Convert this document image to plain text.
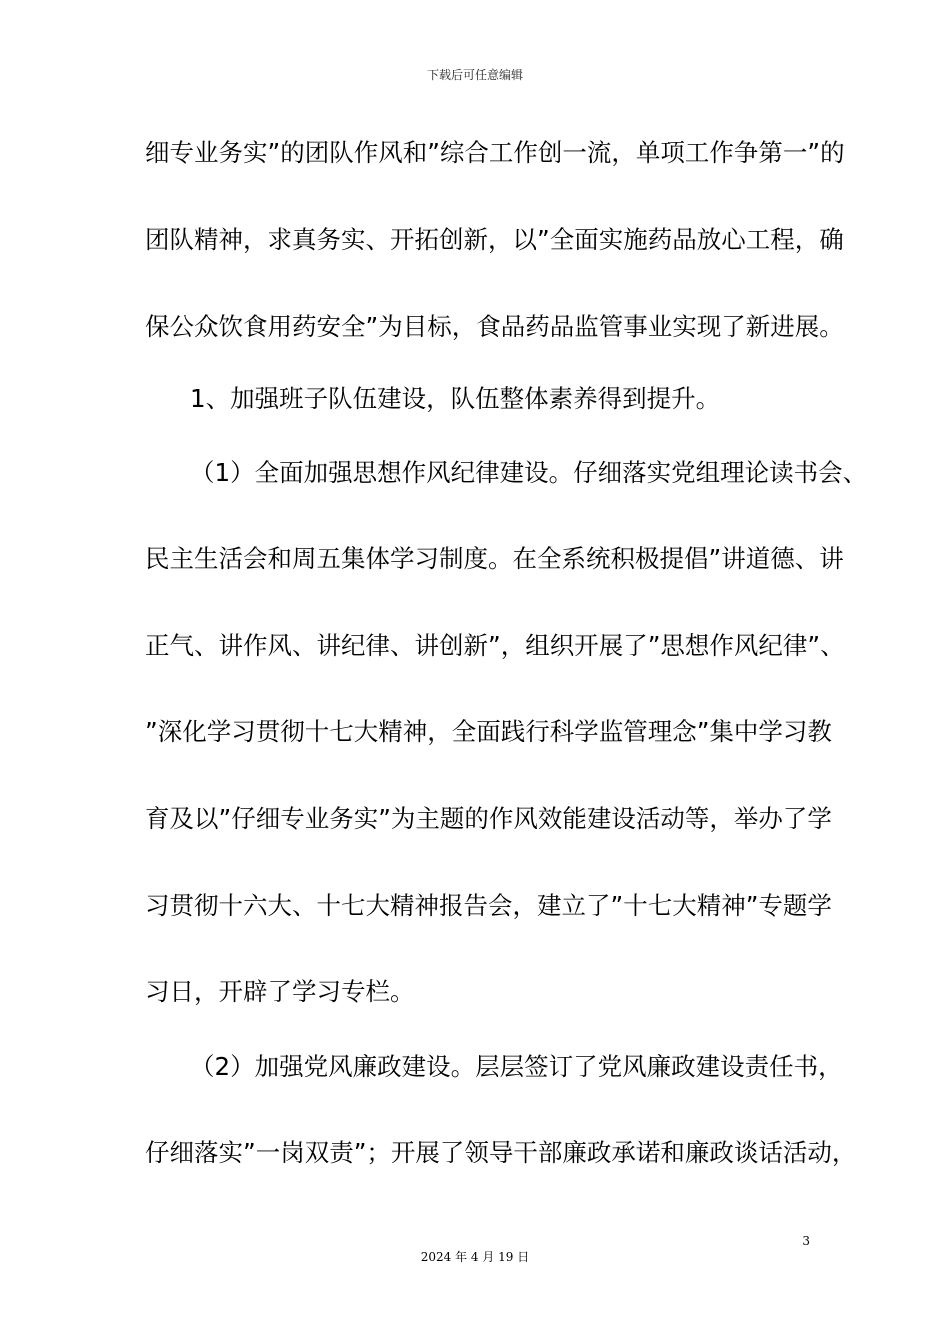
下载后可任意编辑
细专业务实”的团队作风和”综合工作创一流，单项工作争第一”的
团队精神，求真务实、开拓创新，以”全面实施药品放心工程，确
保公众饮食用药安全”为目标，食品药品监管事业实现了新进展。
1、加强班子队伍建设，队伍整体素养得到提升。
（1）全面加强思想作风纪律建设。仔细落实党组理论读书会、
民主生活会和周五集体学习制度。在全系统积极提倡”讲道德、讲
正气、讲作风、讲纪律、讲创新”，组织开展了”思想作风纪律”、
”深化学习贯彻十七大精神，全面践行科学监管理念”集中学习教
育及以”仔细专业务实”为主题的作风效能建设活动等，举办了学
习贯彻十六大、十七大精神报告会，建立了”十七大精神”专题学
习日，开辟了学习专栏。
（2）加强党风廉政建设。层层签订了党风廉政建设责任书，
仔细落实”一岗双责”；开展了领导干部廉政承诺和廉政谈话活动，
3
2024 年 4 月 19 日
